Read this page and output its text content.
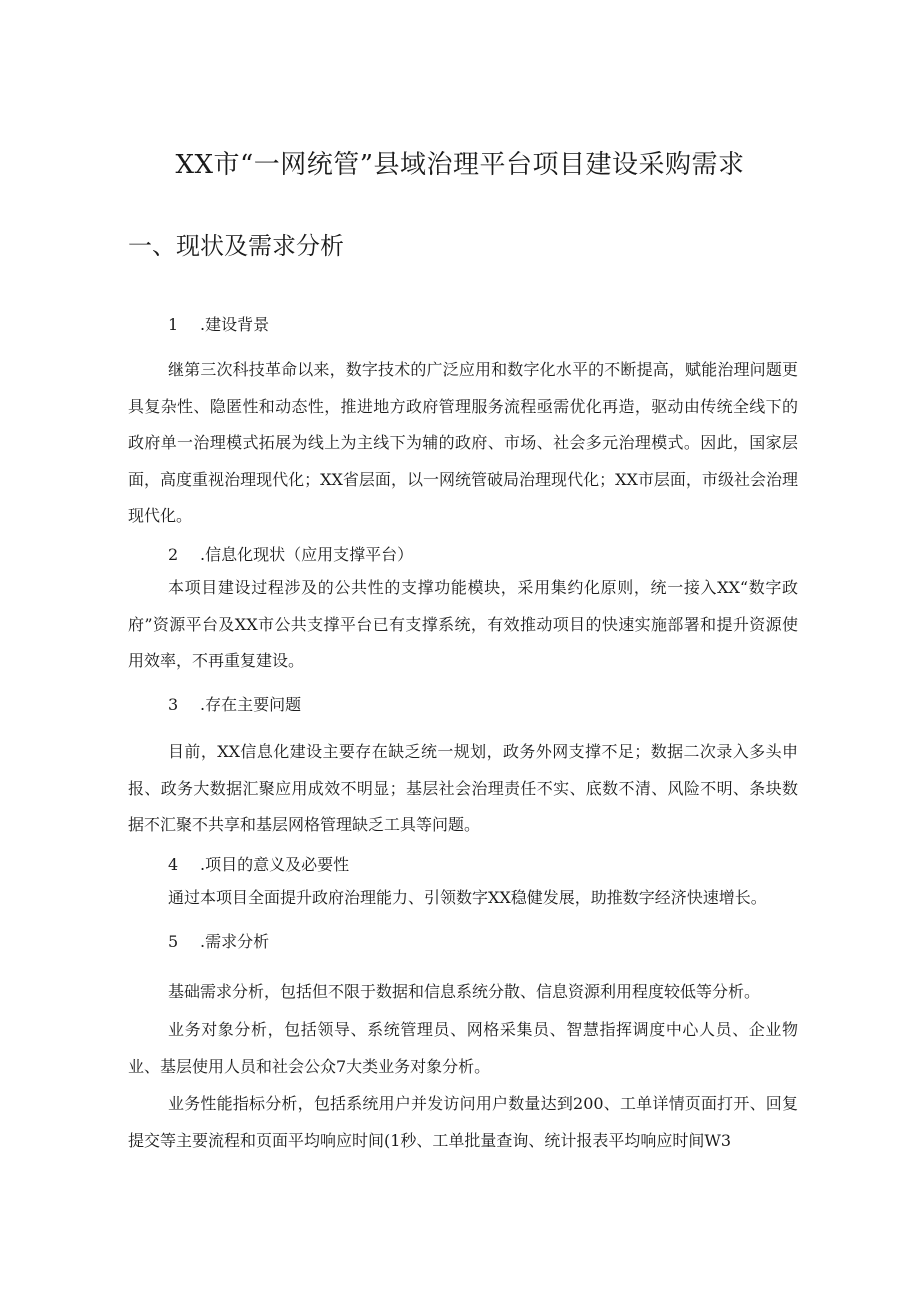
XX市“一网统管”县域治理平台项目建设采购需求
一、现状及需求分析
1 .建设背景

继第三次科技革命以来，数字技术的广泛应用和数字化水平的不断提高，赋能治理问题更具复杂性、隐匿性和动态性，推进地方政府管理服务流程亟需优化再造，驱动由传统全线下的政府单一治理模式拓展为线上为主线下为辅的政府、市场、社会多元治理模式。因此，国家层面，高度重视治理现代化；XX省层面，以一网统管破局治理现代化；XX市层面，市级社会治理现代化。

2 .信息化现状（应用支撑平台）

本项目建设过程涉及的公共性的支撑功能模块，采用集约化原则，统一接入XX“数字政府”资源平台及XX市公共支撑平台已有支撑系统，有效推动项目的快速实施部署和提升资源使用效率，不再重复建设。

3 .存在主要问题

目前，XX信息化建设主要存在缺乏统一规划，政务外网支撑不足；数据二次录入多头申报、政务大数据汇聚应用成效不明显；基层社会治理责任不实、底数不清、风险不明、条块数据不汇聚不共享和基层网格管理缺乏工具等问题。

4 .项目的意义及必要性

通过本项目全面提升政府治理能力、引领数字XX稳健发展，助推数字经济快速增长。

5 .需求分析

基础需求分析，包括但不限于数据和信息系统分散、信息资源利用程度较低等分析。

业务对象分析，包括领导、系统管理员、网格采集员、智慧指挥调度中心人员、企业物业、基层使用人员和社会公众7大类业务对象分析。

业务性能指标分析，包括系统用户并发访问用户数量达到200、工单详情页面打开、回复提交等主要流程和页面平均响应时间(1秒、工单批量查询、统计报表平均响应时间W3
